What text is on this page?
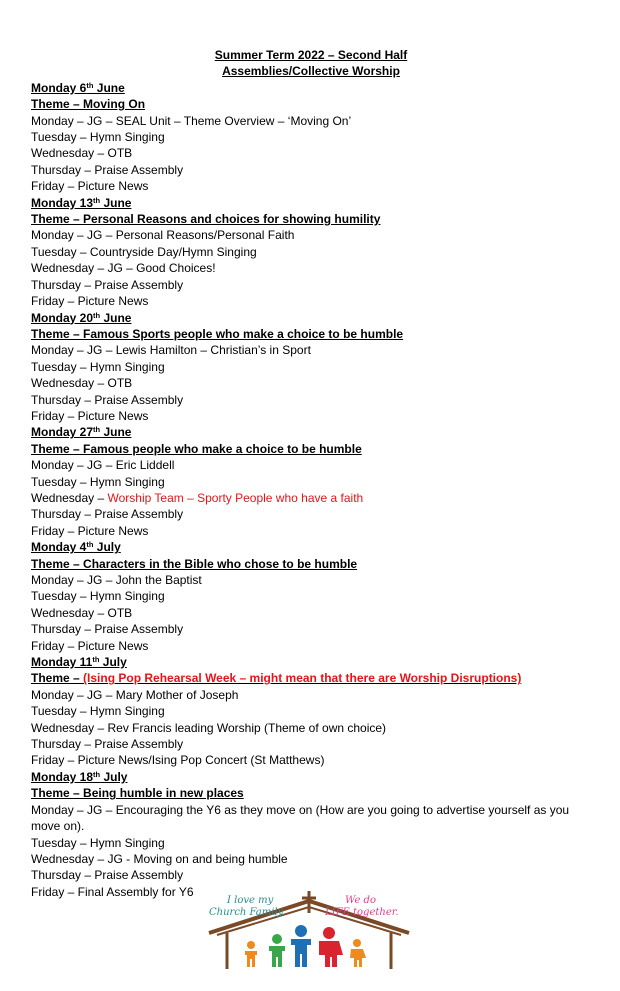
Summer Term 2022 – Second Half
Assemblies/Collective Worship
Monday 6th June
Theme – Moving On
Monday – JG – SEAL Unit – Theme Overview – ‘Moving On’
Tuesday – Hymn Singing
Wednesday – OTB
Thursday – Praise Assembly
Friday – Picture News
Monday 13th June
Theme – Personal Reasons and choices for showing humility
Monday – JG – Personal Reasons/Personal Faith
Tuesday – Countryside Day/Hymn Singing
Wednesday – JG – Good Choices!
Thursday – Praise Assembly
Friday – Picture News
Monday 20th June
Theme – Famous Sports people who make a choice to be humble
Monday – JG – Lewis Hamilton – Christian’s in Sport
Tuesday – Hymn Singing
Wednesday – OTB
Thursday – Praise Assembly
Friday – Picture News
Monday 27th June
Theme – Famous people who make a choice to be humble
Monday – JG – Eric Liddell
Tuesday – Hymn Singing
Wednesday – Worship Team – Sporty People who have a faith
Thursday – Praise Assembly
Friday – Picture News
Monday 4th July
Theme – Characters in the Bible who chose to be humble
Monday – JG – John the Baptist
Tuesday – Hymn Singing
Wednesday – OTB
Thursday – Praise Assembly
Friday – Picture News
Monday 11th July
Theme – (Ising Pop Rehearsal Week – might mean that there are Worship Disruptions)
Monday – JG – Mary Mother of Joseph
Tuesday – Hymn Singing
Wednesday – Rev Francis leading Worship (Theme of own choice)
Thursday – Praise Assembly
Friday – Picture News/Ising Pop Concert (St Matthews)
Monday 18th July
Theme – Being humble in new places
Monday – JG – Encouraging the Y6 as they move on (How are you going to advertise yourself as you move on).
Tuesday – Hymn Singing
Wednesday – JG - Moving on and being humble
Thursday – Praise Assembly
Friday – Final Assembly for Y6
I love my
Church Family.
We do
LIFE together.
